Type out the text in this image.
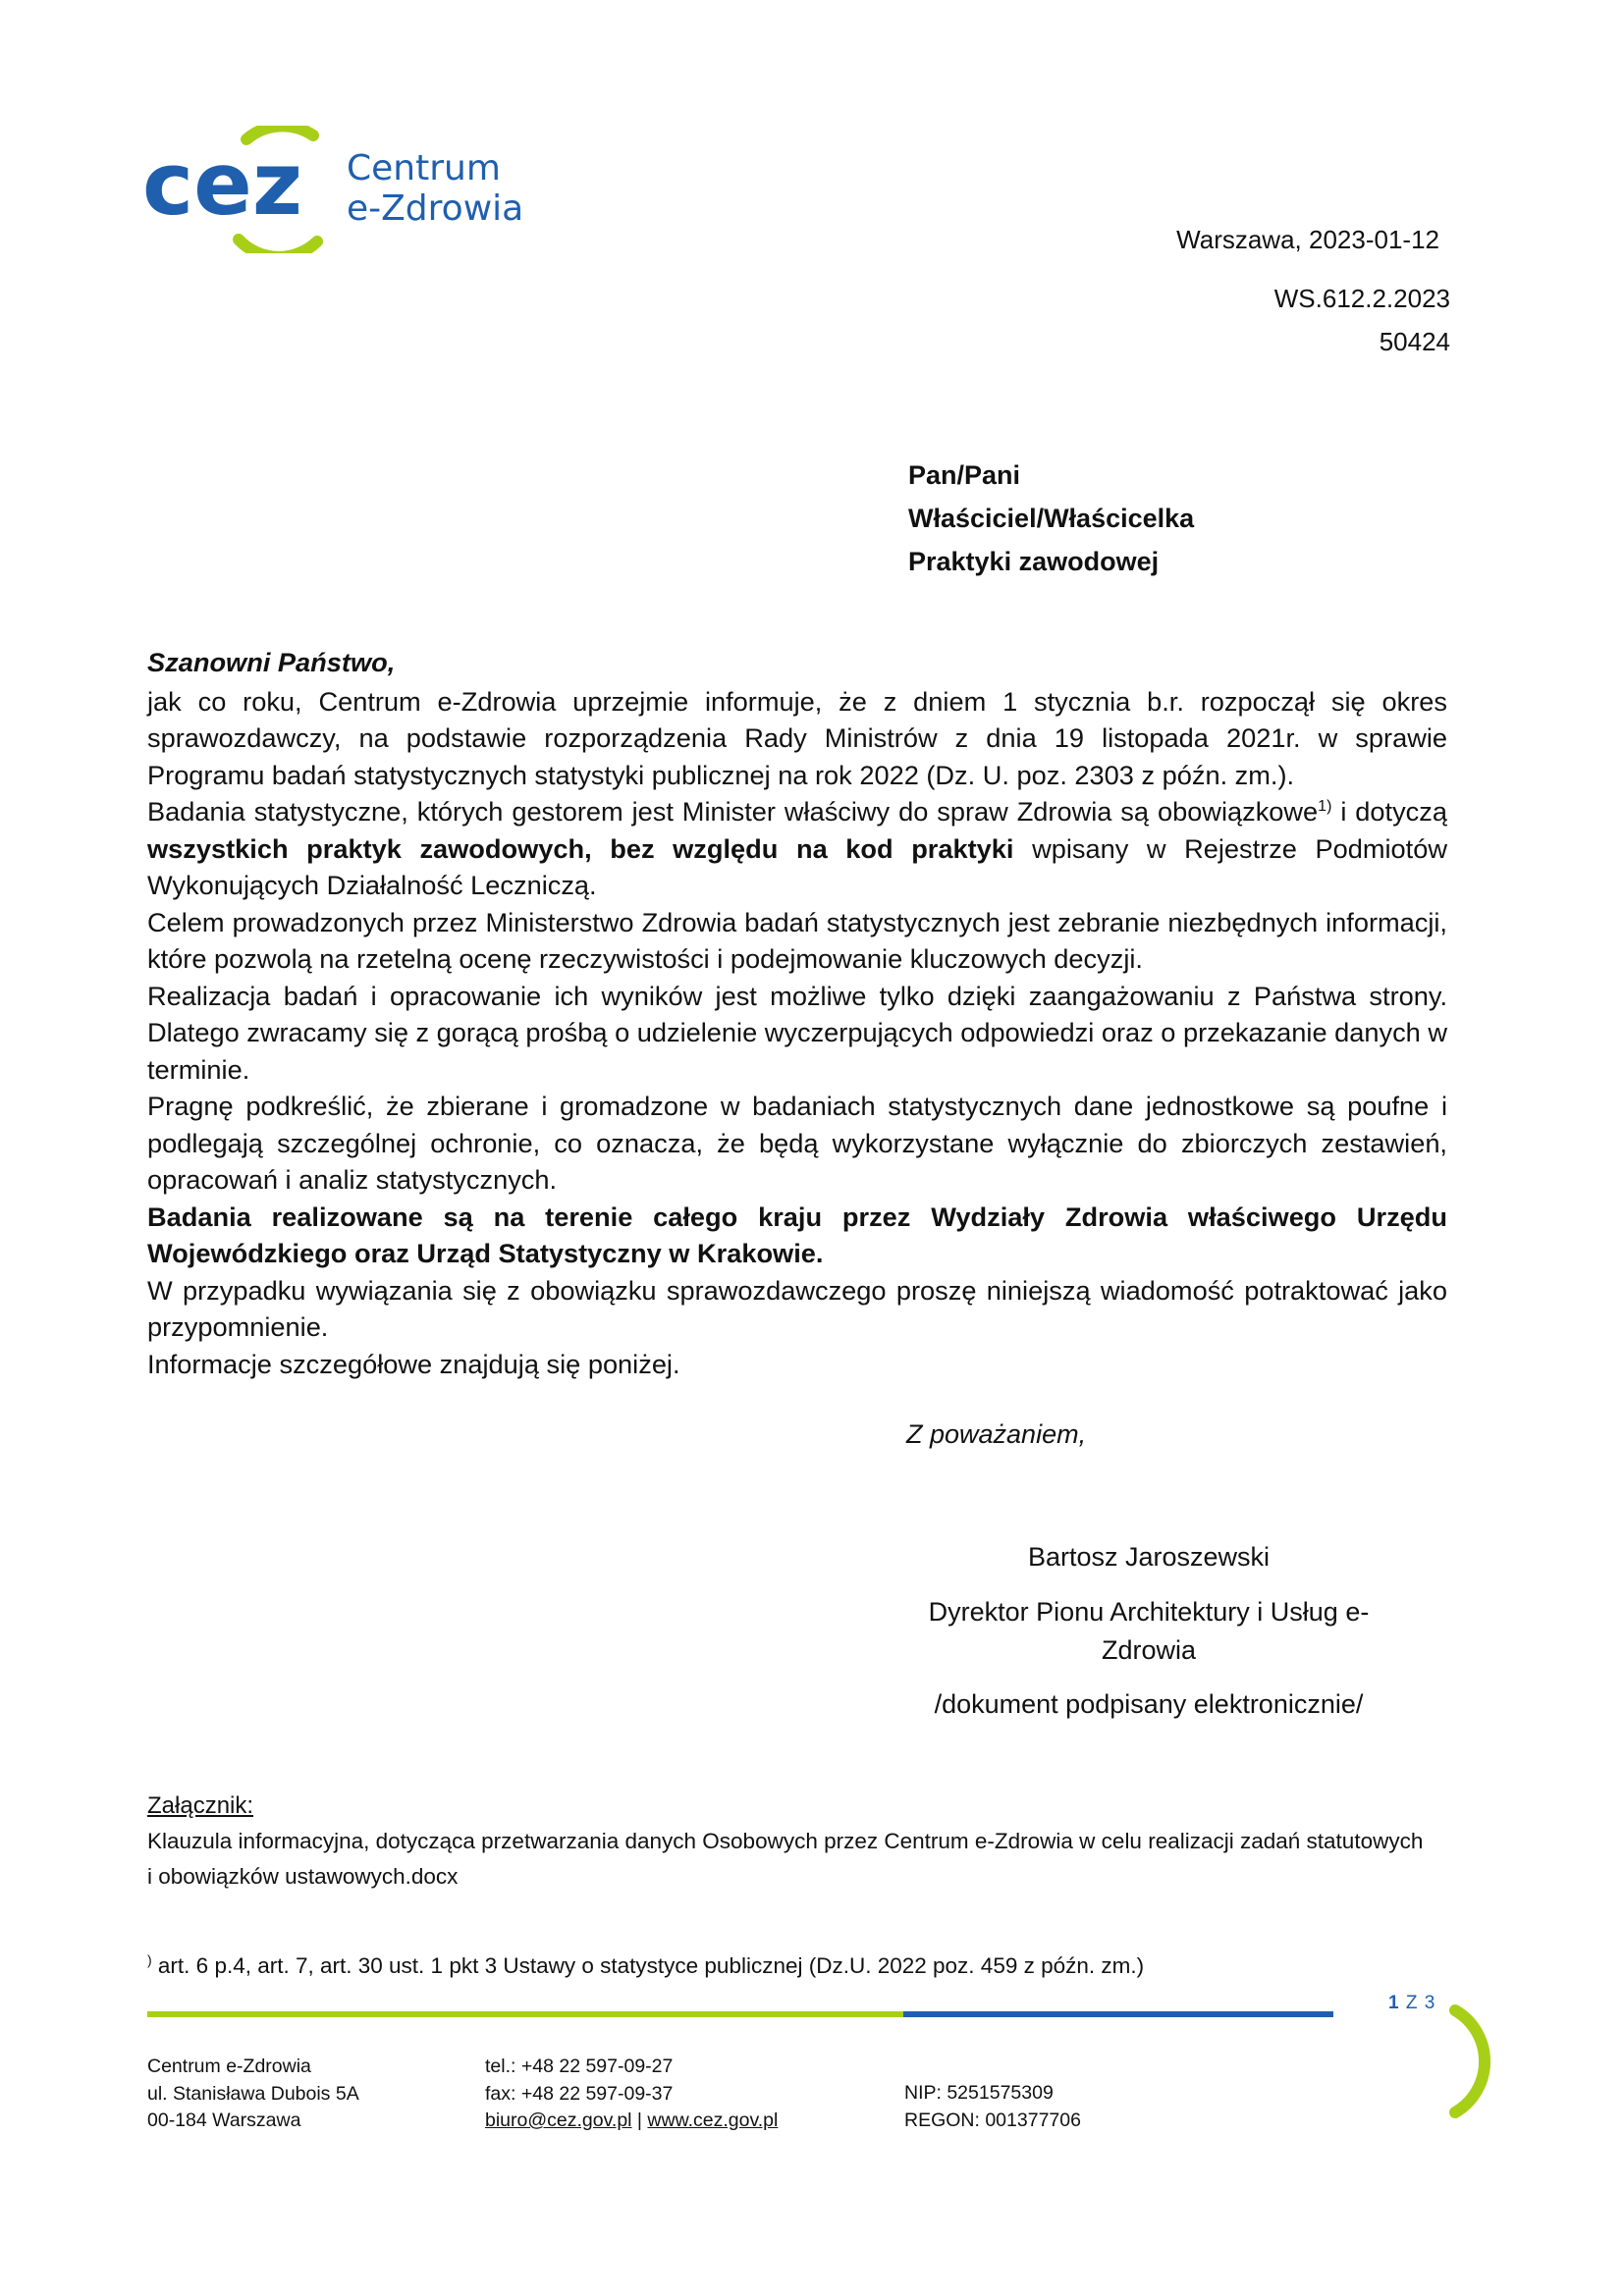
cez Centrum
e-Zdrowia
Warszawa, 2023-01-12
WS.612.2.2023
50424
Pan/Pani
Właściciel/Właścicelka
Praktyki zawodowej

Szanowni Państwo,

jak co roku, Centrum e-Zdrowia uprzejmie informuje, że z dniem 1 stycznia b.r. rozpoczął się okres sprawozdawczy, na podstawie rozporządzenia Rady Ministrów z dnia 19 listopada 2021r. w sprawie Programu badań statystycznych statystyki publicznej na rok 2022 (Dz. U. poz. 2303 z późn. zm.).

Badania statystyczne, których gestorem jest Minister właściwy do spraw Zdrowia są obowiązkowe$^{1)}$ i dotyczą wszystkich praktyk zawodowych, bez względu na kod praktyki wpisany w Rejestrze Podmiotów Wykonujących Działalność Leczniczą.

Celem prowadzonych przez Ministerstwo Zdrowia badań statystycznych jest zebranie niezbędnych informacji, które pozwolą na rzetelną ocenę rzeczywistości i podejmowanie kluczowych decyzji.

Realizacja badań i opracowanie ich wyników jest możliwe tylko dzięki zaangażowaniu z Państwa strony. Dlatego zwracamy się z gorącą prośbą o udzielenie wyczerpujących odpowiedzi oraz o przekazanie danych w terminie.

Pragnę podkreślić, że zbierane i gromadzone w badaniach statystycznych dane jednostkowe są poufne i podlegają szczególnej ochronie, co oznacza, że będą wykorzystane wyłącznie do zbiorczych zestawień, opracowań i analiz statystycznych.

Badania realizowane są na terenie całego kraju przez Wydziały Zdrowia właściwego Urzędu Wojewódzkiego oraz Urząd Statystyczny w Krakowie.

W przypadku wywiązania się z obowiązku sprawozdawczego proszę niniejszą wiadomość potraktować jako przypomnienie.

Informacje szczegółowe znajdują się poniżej.

Z poważaniem,
Bartosz Jaroszewski
Dyrektor Pionu Architektury i Usług e-
Zdrowia
/dokument podpisany elektronicznie/
Załącznik:
Klauzula informacyjna, dotycząca przetwarzania danych Osobowych przez Centrum e-Zdrowia w celu realizacji zadań statutowych
i obowiązków ustawowych.docx
) art. 6 p.4, art. 7, art. 30 ust. 1 pkt 3 Ustawy o statystyce publicznej (Dz.U. 2022 poz. 459 z późn. zm.)
1 Z 3
Centrum e-Zdrowia
ul. Stanisława Dubois 5A
00-184 Warszawa
tel.: +48 22 597-09-27
fax: +48 22 597-09-37
biuro@cez.gov.pl | www.cez.gov.pl
NIP: 5251575309
REGON: 001377706
